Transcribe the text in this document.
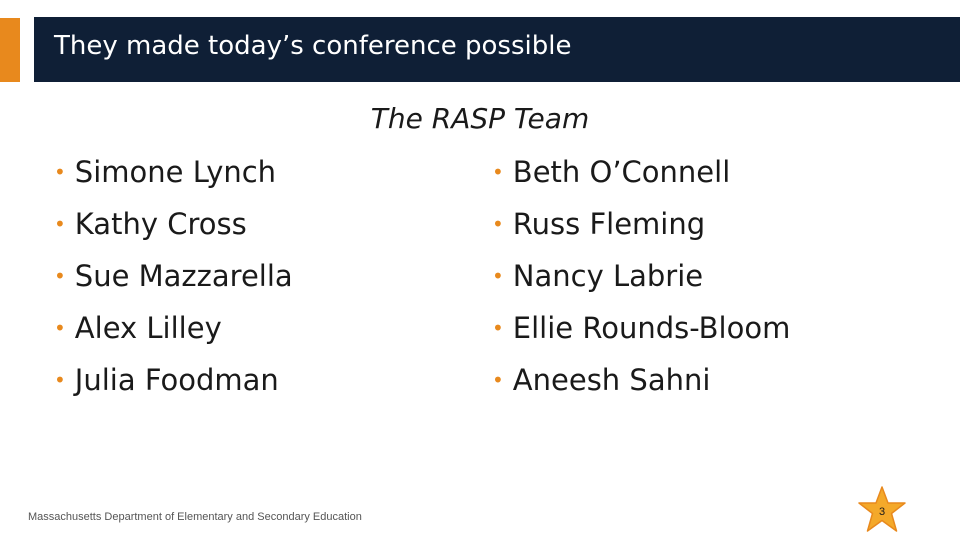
They made today’s conference possible
The RASP Team
• Simone Lynch
• Kathy Cross
• Sue Mazzarella
• Alex Lilley
• Julia Foodman
• Beth O’Connell
• Russ Fleming
• Nancy Labrie
• Ellie Rounds-Bloom
• Aneesh Sahni
Massachusetts Department of Elementary and Secondary Education	3
